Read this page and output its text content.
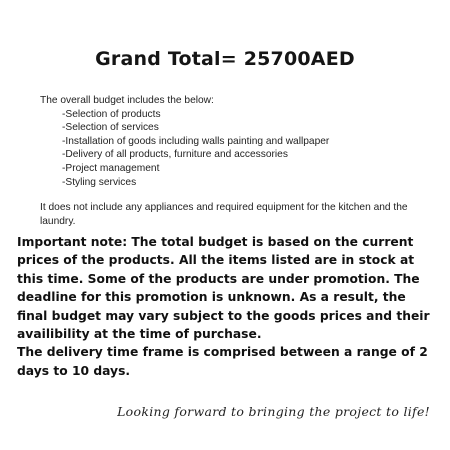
Grand Total= 25700AED
The overall budget includes the below:
-Selection of products
-Selection of services
-Installation of goods including walls painting and wallpaper
-Delivery of all products, furniture and accessories
-Project management
-Styling services
It does not include any appliances and required equipment for the kitchen and the laundry.

Important note: The total budget is based on the current prices of the products. All the items listed are in stock at this time. Some of the products are under promotion. The deadline for this promotion is unknown. As a result, the final budget may vary subject to the goods prices and their availibility at the time of purchase.

The delivery time frame is comprised between a range of 2 days to 10 days.

Looking forward to bringing the project to life!
